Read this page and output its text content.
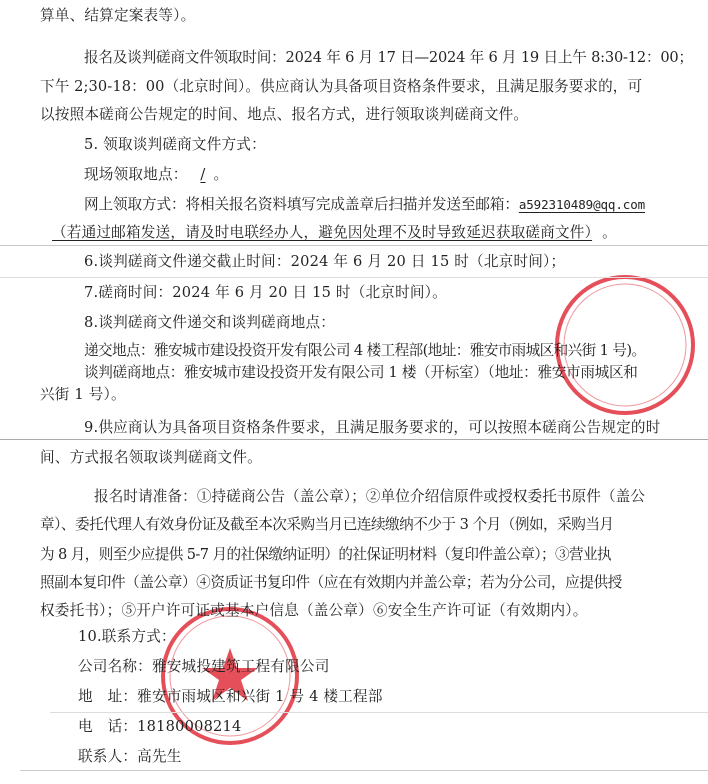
算单、结算定案表等）。
报名及谈判磋商文件领取时间：2024 年 6 月 17 日—2024 年 6 月 19 日上午 8:30-12：00；
下午 2;30-18：00（北京时间）。供应商认为具备项目资格条件要求，且满足服务要求的，可
以按照本磋商公告规定的时间、地点、报名方式，进行领取谈判磋商文件。
5. 领取谈判磋商文件方式：
现场领取地点： / 。
网上领取方式：将相关报名资料填写完成盖章后扫描并发送至邮箱：a592310489@qq.com
（若通过邮箱发送，请及时电联经办人，避免因处理不及时导致延迟获取磋商文件） 。
6.谈判磋商文件递交截止时间：2024 年 6 月 20 日 15 时（北京时间）；
7.磋商时间：2024 年 6 月 20 日 15 时（北京时间）。
8.谈判磋商文件递交和谈判磋商地点：
递交地点：雅安城市建设投资开发有限公司 4 楼工程部(地址：雅安市雨城区和兴街 1 号)。
谈判磋商地点：雅安城市建设投资开发有限公司 1 楼（开标室）（地址：雅安市雨城区和
兴街 1 号）。
9.供应商认为具备项目资格条件要求，且满足服务要求的，可以按照本磋商公告规定的时
间、方式报名领取谈判磋商文件。
报名时请准备：①持磋商公告（盖公章）；②单位介绍信原件或授权委托书原件（盖公
章）、委托代理人有效身份证及截至本次采购当月已连续缴纳不少于 3 个月（例如，采购当月
为 8 月，则至少应提供 5-7 月的社保缴纳证明）的社保证明材料（复印件盖公章）；③营业执
照副本复印件（盖公章）④资质证书复印件（应在有效期内并盖公章；若为分公司，应提供授
权委托书）；⑤开户许可证或基本户信息（盖公章）⑥安全生产许可证（有效期内）。
10.联系方式：
公司名称：雅安城投建筑工程有限公司
地　址：雅安市雨城区和兴街 1 号 4 楼工程部
电　话：18180008214
联系人：高先生
